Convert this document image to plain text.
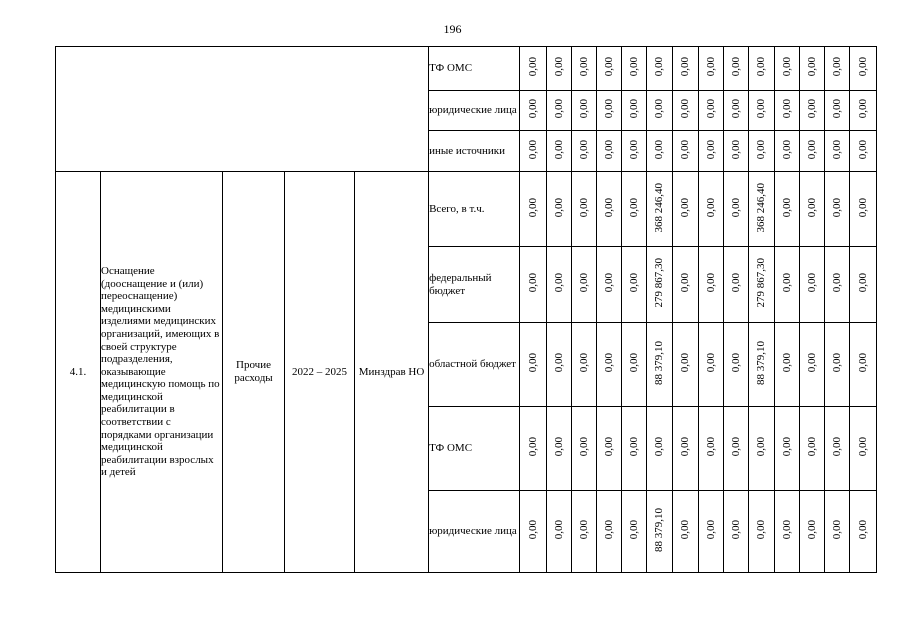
196
					ТФ ОМС	0,00	0,00	0,00	0,00	0,00	0,00	0,00	0,00	0,00	0,00	0,00	0,00	0,00	0,00
					юридические лица	0,00	0,00	0,00	0,00	0,00	0,00	0,00	0,00	0,00	0,00	0,00	0,00	0,00	0,00
					иные источники	0,00	0,00	0,00	0,00	0,00	0,00	0,00	0,00	0,00	0,00	0,00	0,00	0,00	0,00
4.1.	Оснащение (дооснащение и (или) переоснащение) медицинскими изделиями медицинских организаций, имеющих в своей структуре подразделения, оказывающие медицинскую помощь по медицинской реабилитации в соответствии с порядками организации медицинской реабилитации взрослых и детей	Прочие расходы	2022 – 2025	Минздрав НО	Всего, в т.ч.	0,00	0,00	0,00	0,00	0,00	368 246,40	0,00	0,00	0,00	368 246,40	0,00	0,00	0,00	0,00
					федеральный бюджет	0,00	0,00	0,00	0,00	0,00	279 867,30	0,00	0,00	0,00	279 867,30	0,00	0,00	0,00	0,00
					областной бюджет	0,00	0,00	0,00	0,00	0,00	88 379,10	0,00	0,00	0,00	88 379,10	0,00	0,00	0,00	0,00
					ТФ ОМС	0,00	0,00	0,00	0,00	0,00	0,00	0,00	0,00	0,00	0,00	0,00	0,00	0,00	0,00
					юридические лица	0,00	0,00	0,00	0,00	0,00	88 379,10	0,00	0,00	0,00	0,00	0,00	0,00	0,00	0,00
